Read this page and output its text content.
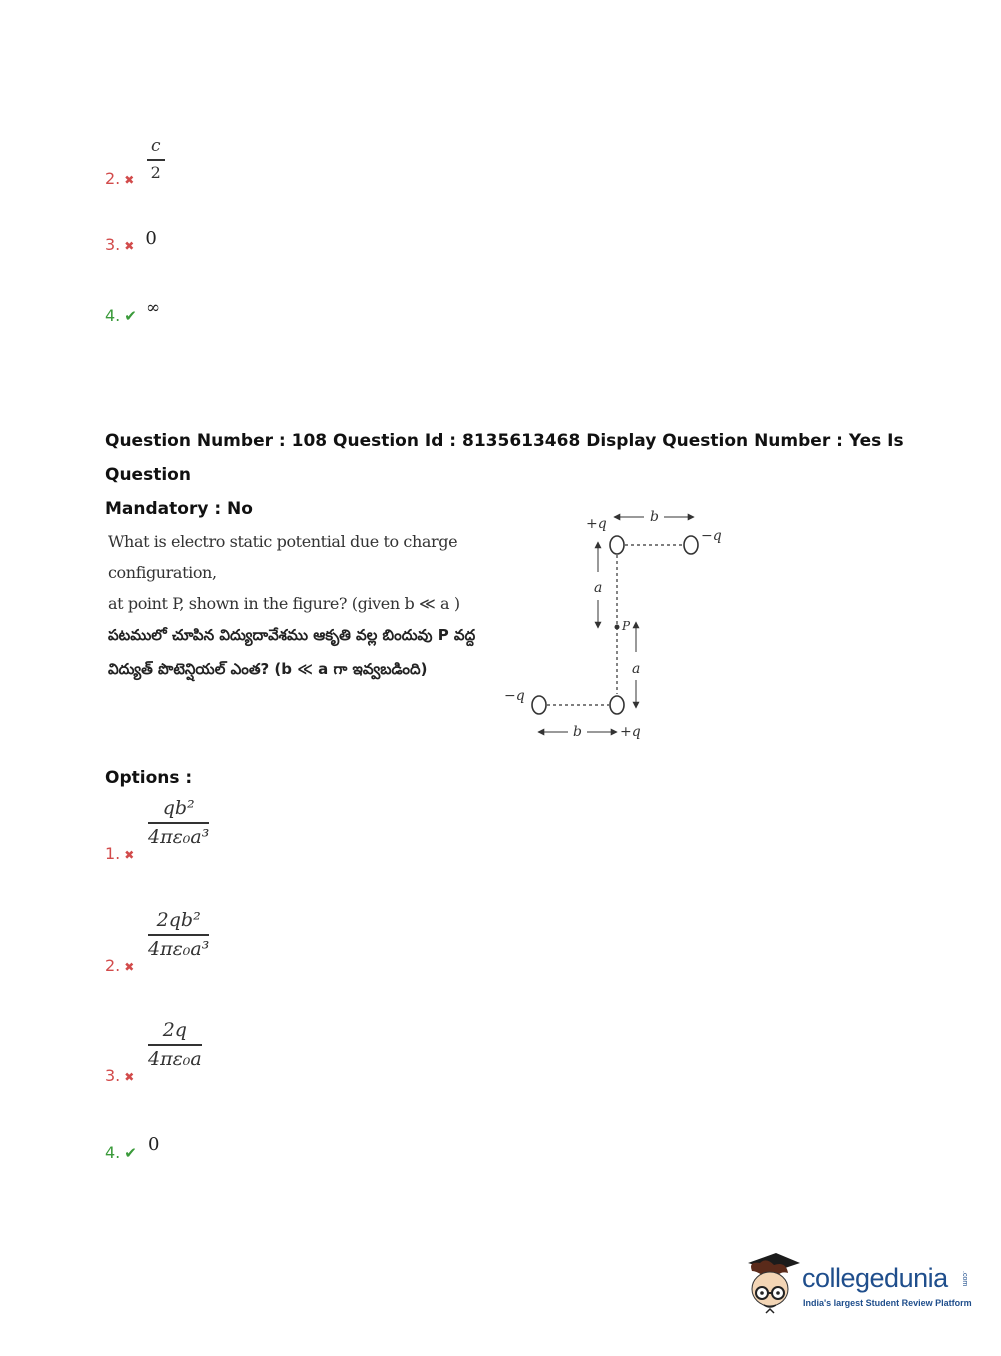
$\frac{c}{2}$
2. ✖
3. ✖ 0
4. ✔ ∞
Question Number : 108 Question Id : 8135613468 Display Question Number : Yes Is Question
Mandatory : No
What is electro static potential due to charge configuration,
at point P, shown in the figure? (given b ≪ a )
పటములో చూపిన విద్యుదావేశము ఆకృతి వల్ల బిందువు P వద్ద
విద్యుత్ పొటెన్షియల్ ఎంత? (b ≪ a గా ఇవ్వబడింది)
+q	b
−q
a
P
a
−q
b	+q
Options :
$\frac{\text{qb²}}{\text{4πε₀a³}}$
1. ✖
$\frac{\text{2qb²}}{\text{4πε₀a³}}$
2. ✖
$\frac{2q}{\text{4πε₀a}}$
3. ✖
4. ✔ 0
collegedunia .com
India's largest Student Review Platform
